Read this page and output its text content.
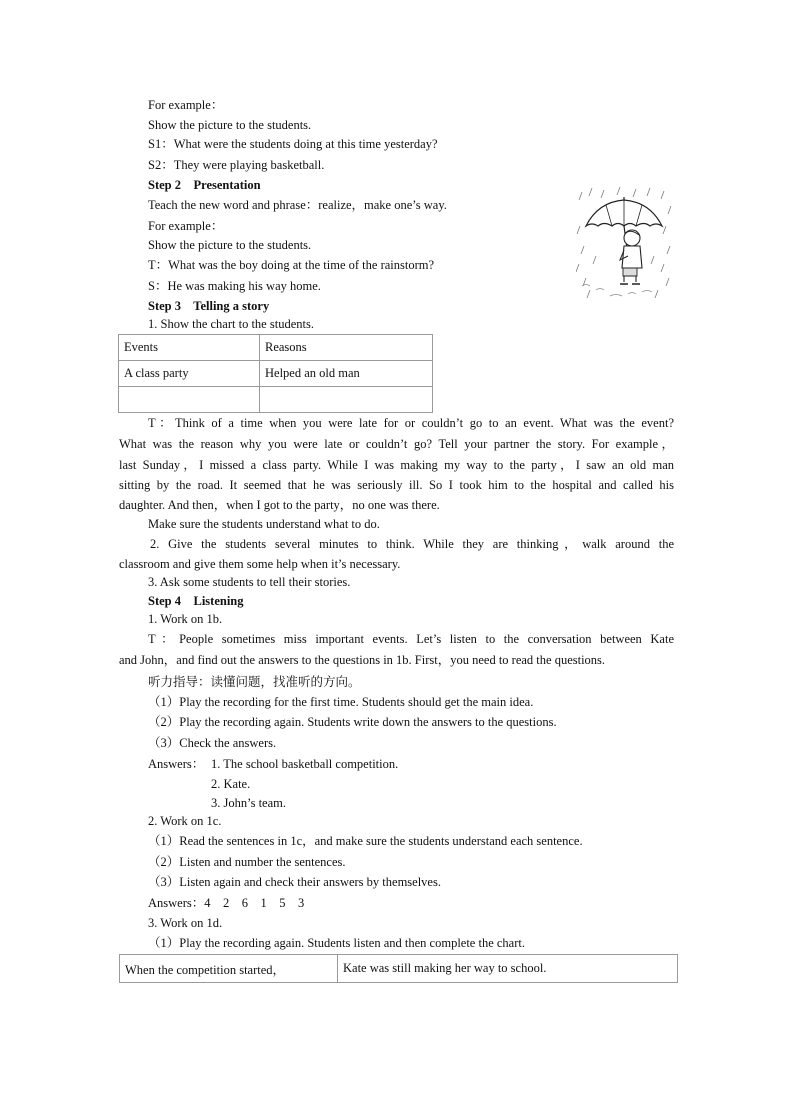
For example：
Show the picture to the students.
S1：What were the students doing at this time yesterday?
S2：They were playing basketball.
Step 2    Presentation
Teach the new word and phrase：realize，make one’s way.
For example：
Show the picture to the students.
T：What was the boy doing at the time of the rainstorm?
S：He was making his way home.
Step 3    Telling a story
1. Show the chart to the students.
Events	Reasons
A class party	Helped an old man

T：Think of a time when you were late for or couldn’t go to an event. What was the event?
What was the reason why you were late or couldn’t go? Tell your partner the story. For example，
last Sunday，I missed a class party. While I was making my way to the party，I saw an old man
sitting by the road. It seemed that he was seriously ill. So I took him to the hospital and called his
daughter. And then，when I got to the party，no one was there.
Make sure the students understand what to do.
2. Give the students several minutes to think. While they are thinking，walk around the
classroom and give them some help when it’s necessary.
3. Ask some students to tell their stories.
Step 4    Listening
1. Work on 1b.
T：People sometimes miss important events. Let’s listen to the conversation between Kate
and John，and find out the answers to the questions in 1b. First，you need to read the questions.
听力指导：读懂问题，找准听的方向。
（1）Play the recording for the first time. Students should get the main idea.
（2）Play the recording again. Students write down the answers to the questions.
（3）Check the answers.
Answers： 1. The school basketball competition.
2. Kate.
3. John’s team.
2. Work on 1c.
（1）Read the sentences in 1c，and make sure the students understand each sentence.
（2）Listen and number the sentences.
（3）Listen again and check their answers by themselves.
Answers：4    2    6    1    5    3
3. Work on 1d.
（1）Play the recording again. Students listen and then complete the chart.
When the competition started，	Kate was still making her way to school.
